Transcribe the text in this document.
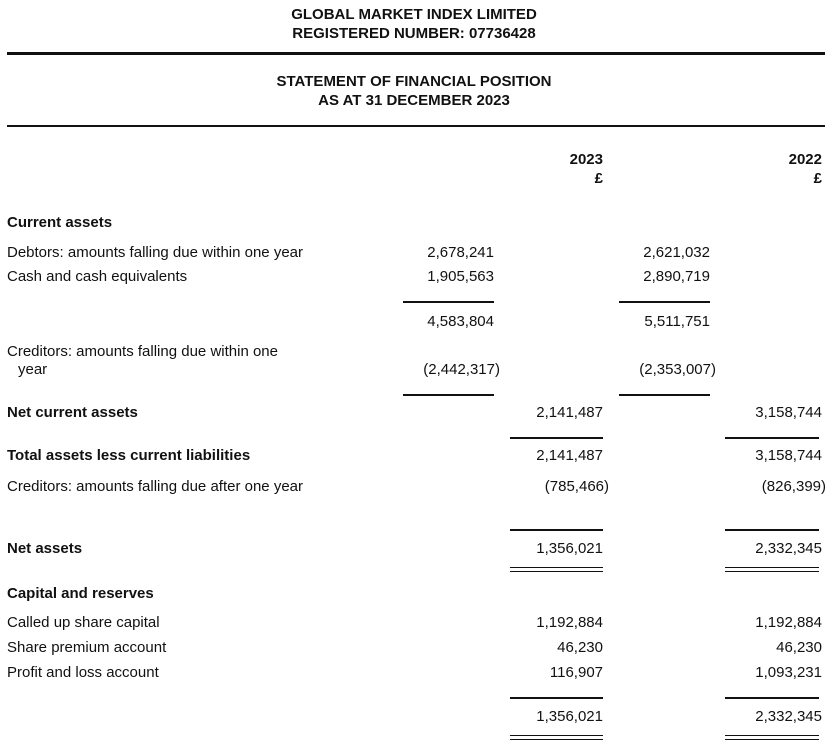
GLOBAL MARKET INDEX LIMITED
REGISTERED NUMBER: 07736428
STATEMENT OF FINANCIAL POSITION
AS AT 31 DECEMBER 2023
2023
£
2022
£
Current assets
Debtors: amounts falling due within one year	2,678,241	2,621,032
Cash and cash equivalents	1,905,563	2,890,719
4,583,804	5,511,751
Creditors: amounts falling due within one
year	(2,442,317)	(2,353,007)
Net current assets	2,141,487	3,158,744
Total assets less current liabilities	2,141,487	3,158,744
Creditors: amounts falling due after one year	(785,466)	(826,399)
Net assets	1,356,021	2,332,345
Capital and reserves
Called up share capital	1,192,884	1,192,884
Share premium account	46,230	46,230
Profit and loss account	116,907	1,093,231
1,356,021	2,332,345
